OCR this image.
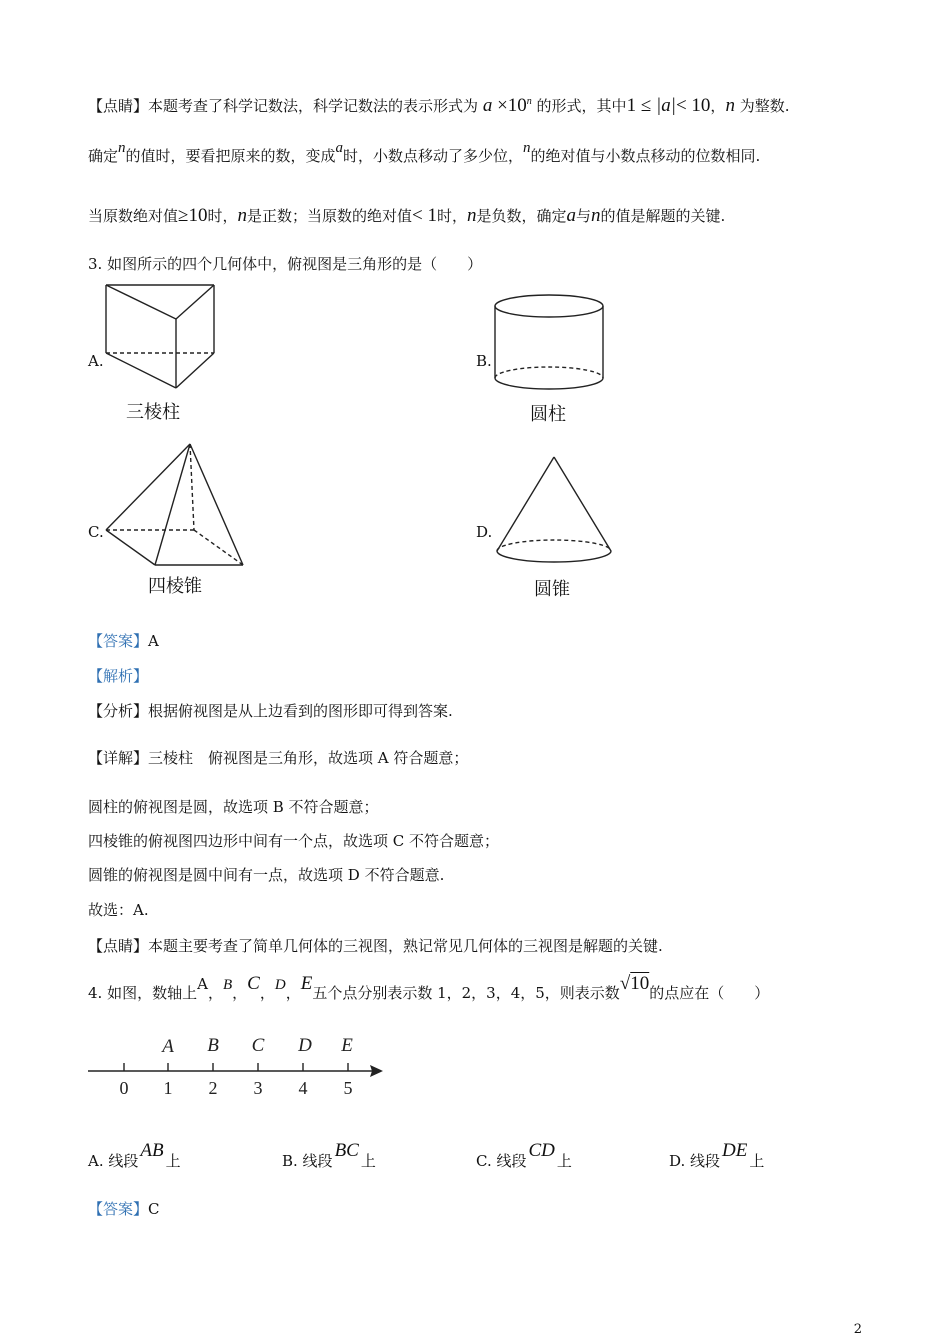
【点睛】本题考查了科学记数法，科学记数法的表示形式为 $a \times 10^n$ 的形式，其中1 ≤ |a|< 10，n 为整数.
确定n的值时，要看把原来的数，变成a时，小数点移动了多少位，n的绝对值与小数点移动的位数相同.
当原数绝对值≥10时，n是正数；当原数的绝对值< 1时，n是负数，确定a与n的值是解题的关键.
3. 如图所示的四个几何体中，俯视图是三角形的是（　　）
A.
三棱柱
B.
圆柱
C.
四棱锥
D.
圆锥
【答案】A
【解析】
【分析】根据俯视图是从上边看到的图形即可得到答案.
【详解】三棱柱　俯视图是三角形，故选项 A 符合题意；
圆柱的俯视图是圆，故选项 B 不符合题意；
四棱锥的俯视图四边形中间有一个点，故选项 C 不符合题意；
圆锥的俯视图是圆中间有一点，故选项 D 不符合题意.
故选：A.
【点睛】本题主要考查了简单几何体的三视图，熟记常见几何体的三视图是解题的关键.
4. 如图，数轴上A，B，C，D，E五个点分别表示数 1，2，3，4，5，则表示数√10的点应在（　　）
A B C D E
0 1 2 3 4 5
A. 线段 AB 上	B. 线段 BC 上	C. 线段 CD 上	D. 线段 DE 上
【答案】C
2
